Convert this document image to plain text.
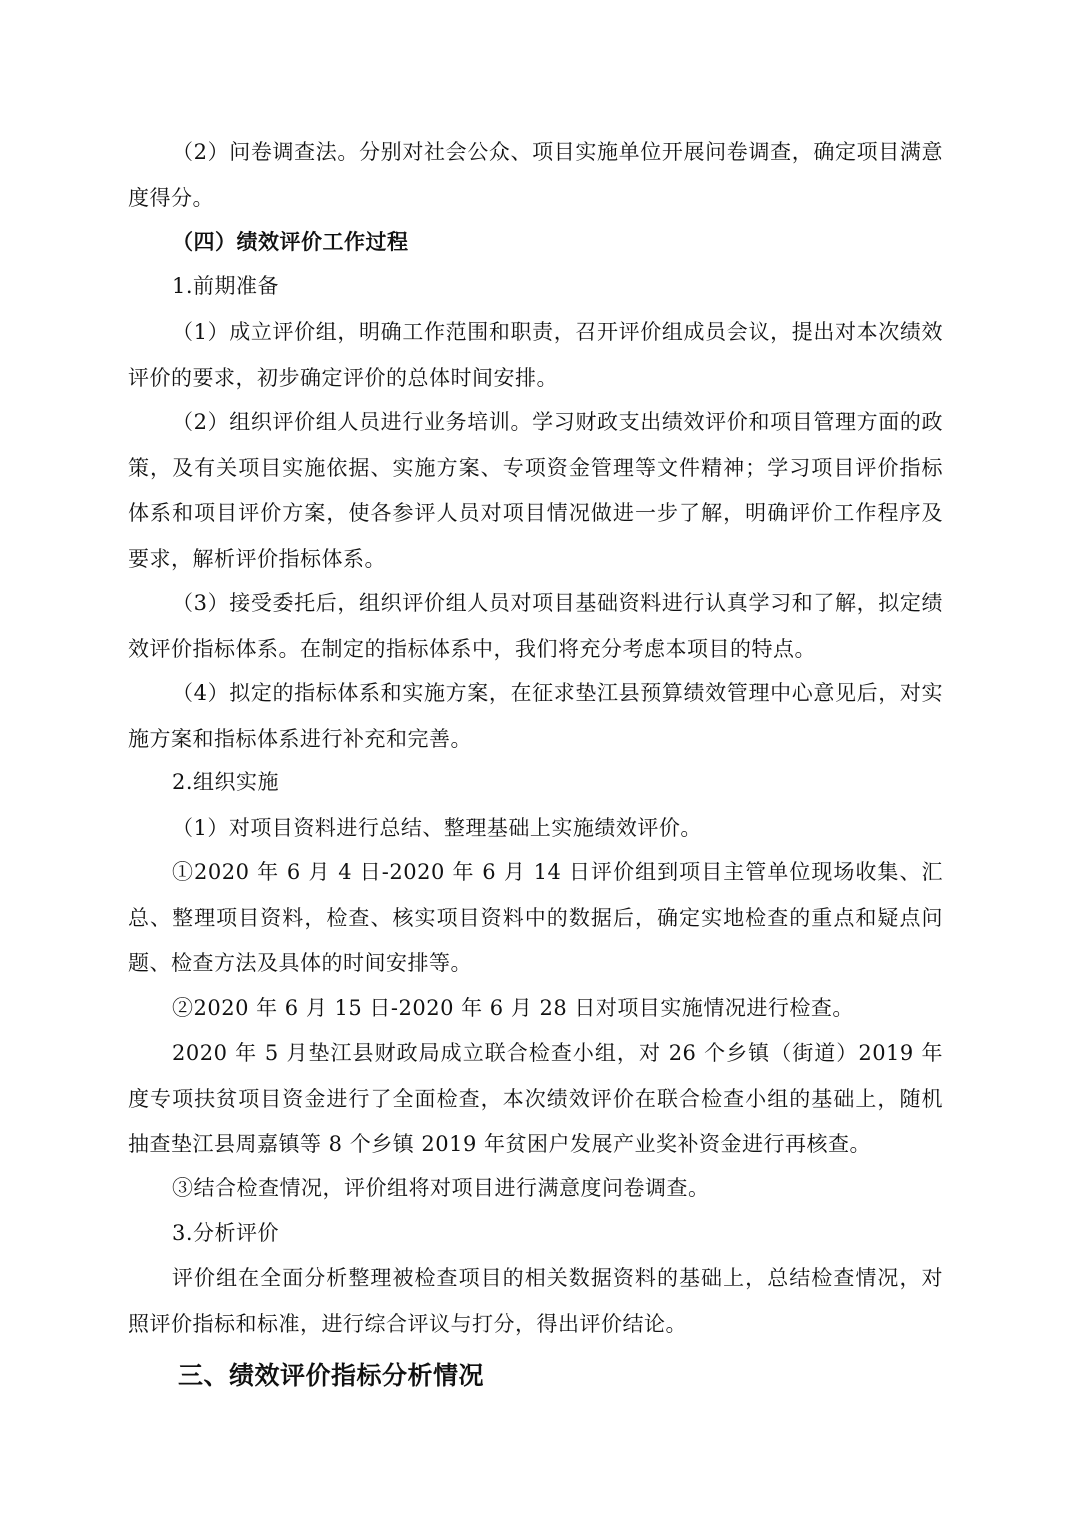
（2）问卷调查法。分别对社会公众、项目实施单位开展问卷调查，确定项目满意度得分。

（四）绩效评价工作过程

1.前期准备

（1）成立评价组，明确工作范围和职责，召开评价组成员会议，提出对本次绩效评价的要求，初步确定评价的总体时间安排。

（2）组织评价组人员进行业务培训。学习财政支出绩效评价和项目管理方面的政策，及有关项目实施依据、实施方案、专项资金管理等文件精神；学习项目评价指标体系和项目评价方案，使各参评人员对项目情况做进一步了解，明确评价工作程序及要求，解析评价指标体系。

（3）接受委托后，组织评价组人员对项目基础资料进行认真学习和了解，拟定绩效评价指标体系。在制定的指标体系中，我们将充分考虑本项目的特点。

（4）拟定的指标体系和实施方案，在征求垫江县预算绩效管理中心意见后，对实施方案和指标体系进行补充和完善。

2.组织实施

（1）对项目资料进行总结、整理基础上实施绩效评价。

①2020 年 6 月 4 日-2020 年 6 月 14 日评价组到项目主管单位现场收集、汇总、整理项目资料，检查、核实项目资料中的数据后，确定实地检查的重点和疑点问题、检查方法及具体的时间安排等。

②2020 年 6 月 15 日-2020 年 6 月 28 日对项目实施情况进行检查。

2020 年 5 月垫江县财政局成立联合检查小组，对 26 个乡镇（街道）2019 年度专项扶贫项目资金进行了全面检查，本次绩效评价在联合检查小组的基础上，随机抽查垫江县周嘉镇等 8 个乡镇 2019 年贫困户发展产业奖补资金进行再核查。

③结合检查情况，评价组将对项目进行满意度问卷调查。

3.分析评价

评价组在全面分析整理被检查项目的相关数据资料的基础上，总结检查情况，对照评价指标和标准，进行综合评议与打分，得出评价结论。

三、绩效评价指标分析情况
